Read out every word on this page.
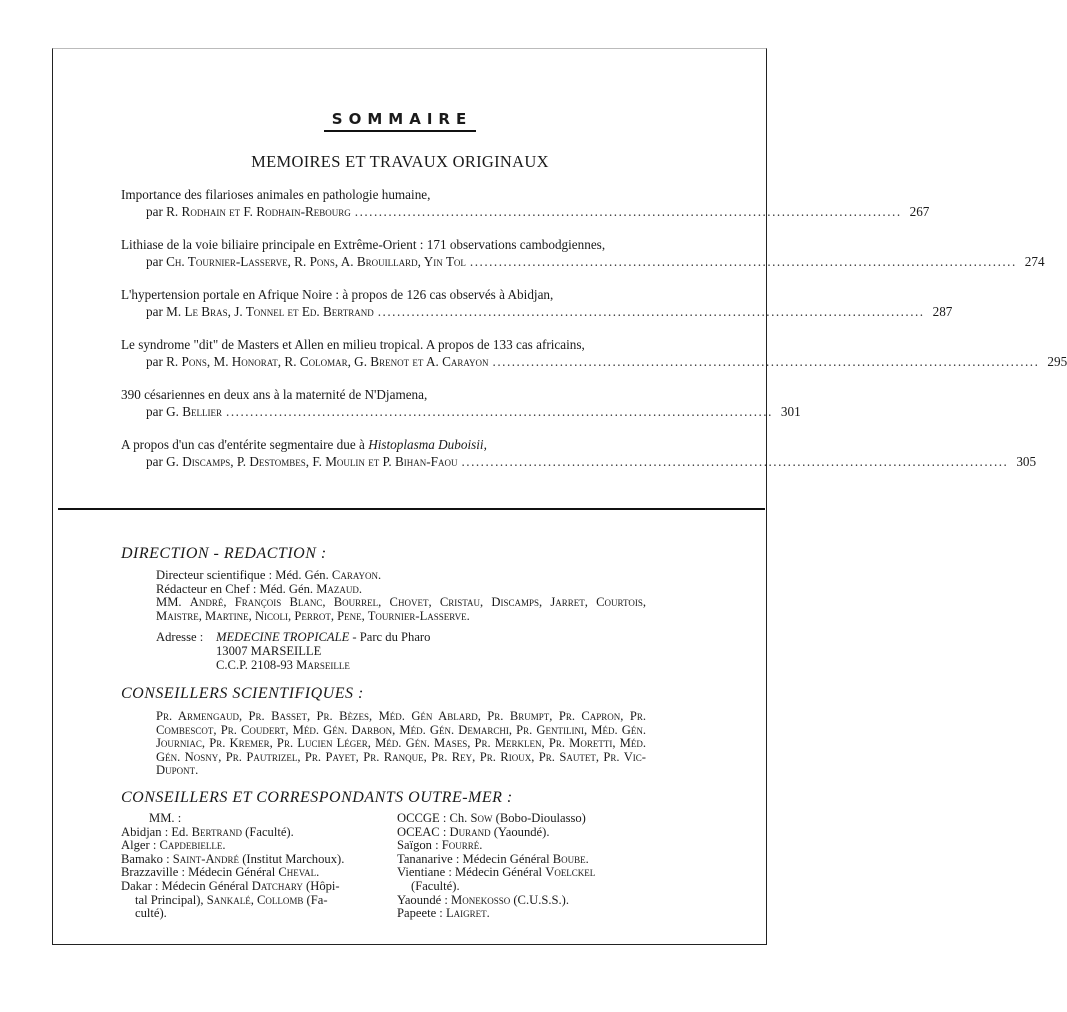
SOMMAIRE
MEMOIRES ET TRAVAUX ORIGINAUX
Importance des filarioses animales en pathologie humaine,
par R. Rodhain et F. Rodhain-Rebourg .................................................................................................................. 267
Lithiase de la voie biliaire principale en Extrême-Orient : 171 observations cambodgiennes,
par Ch. Tournier-Lasserve, R. Pons, A. Brouillard, Yin Tol .................................................................................................................. 274
L'hypertension portale en Afrique Noire : à propos de 126 cas observés à Abidjan,
par M. Le Bras, J. Tonnel et Ed. Bertrand .................................................................................................................. 287
Le syndrome "dit" de Masters et Allen en milieu tropical. A propos de 133 cas africains,
par R. Pons, M. Honorat, R. Colomar, G. Brenot et A. Carayon .................................................................................................................. 295
390 césariennes en deux ans à la maternité de N'Djamena,
par G. Bellier .................................................................................................................. 301
A propos d'un cas d'entérite segmentaire due à Histoplasma Duboisii,
par G. Discamps, P. Destombes, F. Moulin et P. Bihan-Faou .................................................................................................................. 305
DIRECTION - REDACTION :
Directeur scientifique : Méd. Gén. Carayon.
Rédacteur en Chef : Méd. Gén. Mazaud.
MM. André, François Blanc, Bourrel, Chovet, Cristau, Discamps, Jarret, Courtois, Maistre, Martine, Nicoli, Perrot, Pene, Tournier-Lasserve.
Adresse :	MEDECINE TROPICALE - Parc du Pharo
13007 MARSEILLE
C.C.P. 2108-93 Marseille
CONSEILLERS SCIENTIFIQUES :
Pr. Armengaud, Pr. Basset, Pr. Bèzes, Méd. Gén Ablard, Pr. Brumpt, Pr. Capron, Pr. Combescot, Pr. Coudert, Méd. Gén. Darbon, Méd. Gén. Demarchi, Pr. Gentilini, Méd. Gén. Journiac, Pr. Kremer, Pr. Lucien Léger, Méd. Gén. Mases, Pr. Merklen, Pr. Moretti, Méd. Gén. Nosny, Pr. Pautrizel, Pr. Payet, Pr. Ranque, Pr. Rey, Pr. Rioux, Pr. Sautet, Pr. Vic-Dupont.
CONSEILLERS ET CORRESPONDANTS OUTRE-MER :
MM. :
Abidjan : Ed. Bertrand (Faculté).
Alger : Capdebielle.
Bamako : Saint-André (Institut Marchoux).
Brazzaville : Médecin Général Cheval.
Dakar : Médecin Général Datchary (Hôpi-
tal Principal), Sankalé, Collomb (Fa-
culté).
OCCGE : Ch. Sow (Bobo-Dioulasso)
OCEAC : Durand (Yaoundé).
Saïgon : Fourré.
Tananarive : Médecin Général Boube.
Vientiane : Médecin Général Voelckel
(Faculté).
Yaoundé : Monekosso (C.U.S.S.).
Papeete : Laigret.
